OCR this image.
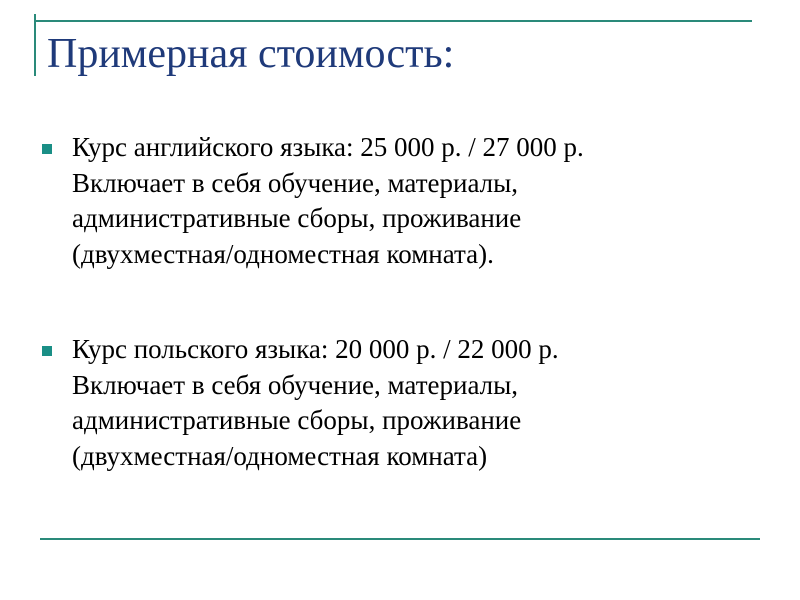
Примерная стоимость:
Курс английского языка: 25 000 р. / 27 000 р.
Включает в себя обучение, материалы,
административные сборы, проживание
(двухместная/одноместная комната).
Курс польского языка: 20 000 р. / 22 000 р.
Включает в себя обучение, материалы,
административные сборы, проживание
(двухместная/одноместная комната)
